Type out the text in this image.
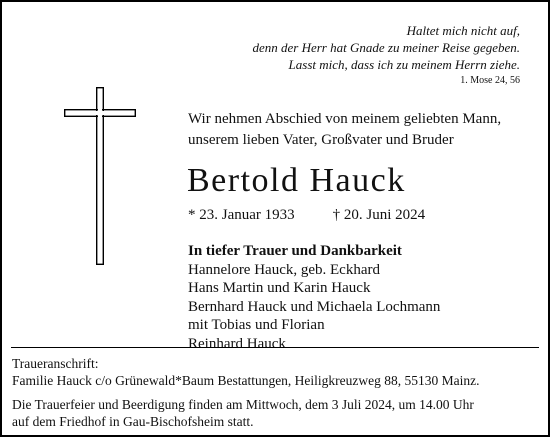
Haltet mich nicht auf,
denn der Herr hat Gnade zu meiner Reise gegeben.
Lasst mich, dass ich zu meinem Herrn ziehe.
1. Mose 24, 56
Wir nehmen Abschied von meinem geliebten Mann,
unserem lieben Vater, Großvater und Bruder
Bertold Hauck
* 23. Januar 1933	† 20. Juni 2024
In tiefer Trauer und Dankbarkeit
Hannelore Hauck, geb. Eckhard
Hans Martin und Karin Hauck
Bernhard Hauck und Michaela Lochmann
mit Tobias und Florian
Reinhard Hauck
Traueranschrift:
Familie Hauck c/o Grünewald*Baum Bestattungen, Heiligkreuzweg 88, 55130 Mainz.
Die Trauerfeier und Beerdigung finden am Mittwoch, dem 3 Juli 2024, um 14.00 Uhr
auf dem Friedhof in Gau-Bischofsheim statt.
